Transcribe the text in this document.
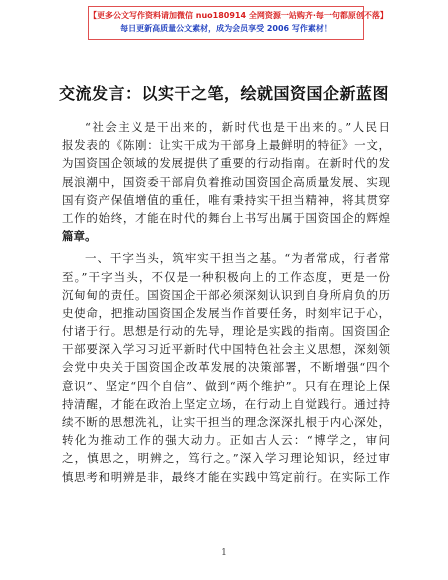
【更多公文写作资料请加微信 nuo180914 全网资源一站购齐·每一句都原创不落】
每日更新高质量公文素材，成为会员享受 2006 写作素材！
交流发言：以实干之笔，绘就国资国企新蓝图
“社会主义是干出来的，新时代也是干出来的。”人民日
报发表的《陈刚：让实干成为干部身上最鲜明的特征》一文，
为国资国企领域的发展提供了重要的行动指南。在新时代的发
展浪潮中，国资委干部肩负着推动国资国企高质量发展、实现
国有资产保值增值的重任，唯有秉持实干担当精神，将其贯穿
工作的始终，才能在时代的舞台上书写出属于国资国企的辉煌
篇章。
一、干字当头，筑牢实干担当之基。“为者常成，行者常
至。”干字当头，不仅是一种积极向上的工作态度，更是一份
沉甸甸的责任。国资国企干部必须深刻认识到自身所肩负的历
史使命，把推动国资国企发展当作首要任务，时刻牢记于心，
付诸于行。思想是行动的先导，理论是实践的指南。国资国企
干部要深入学习习近平新时代中国特色社会主义思想，深刻领
会党中央关于国资国企改革发展的决策部署，不断增强“四个
意识”、坚定“四个自信”、做到“两个维护”。只有在理论上保
持清醒，才能在政治上坚定立场，在行动上自觉践行。通过持
续不断的思想洗礼，让实干担当的理念深深扎根于内心深处，
转化为推动工作的强大动力。正如古人云：“博学之，审问
之，慎思之，明辨之，笃行之。”深入学习理论知识，经过审
慎思考和明辨是非，最终才能在实践中笃定前行。在实际工作
1
